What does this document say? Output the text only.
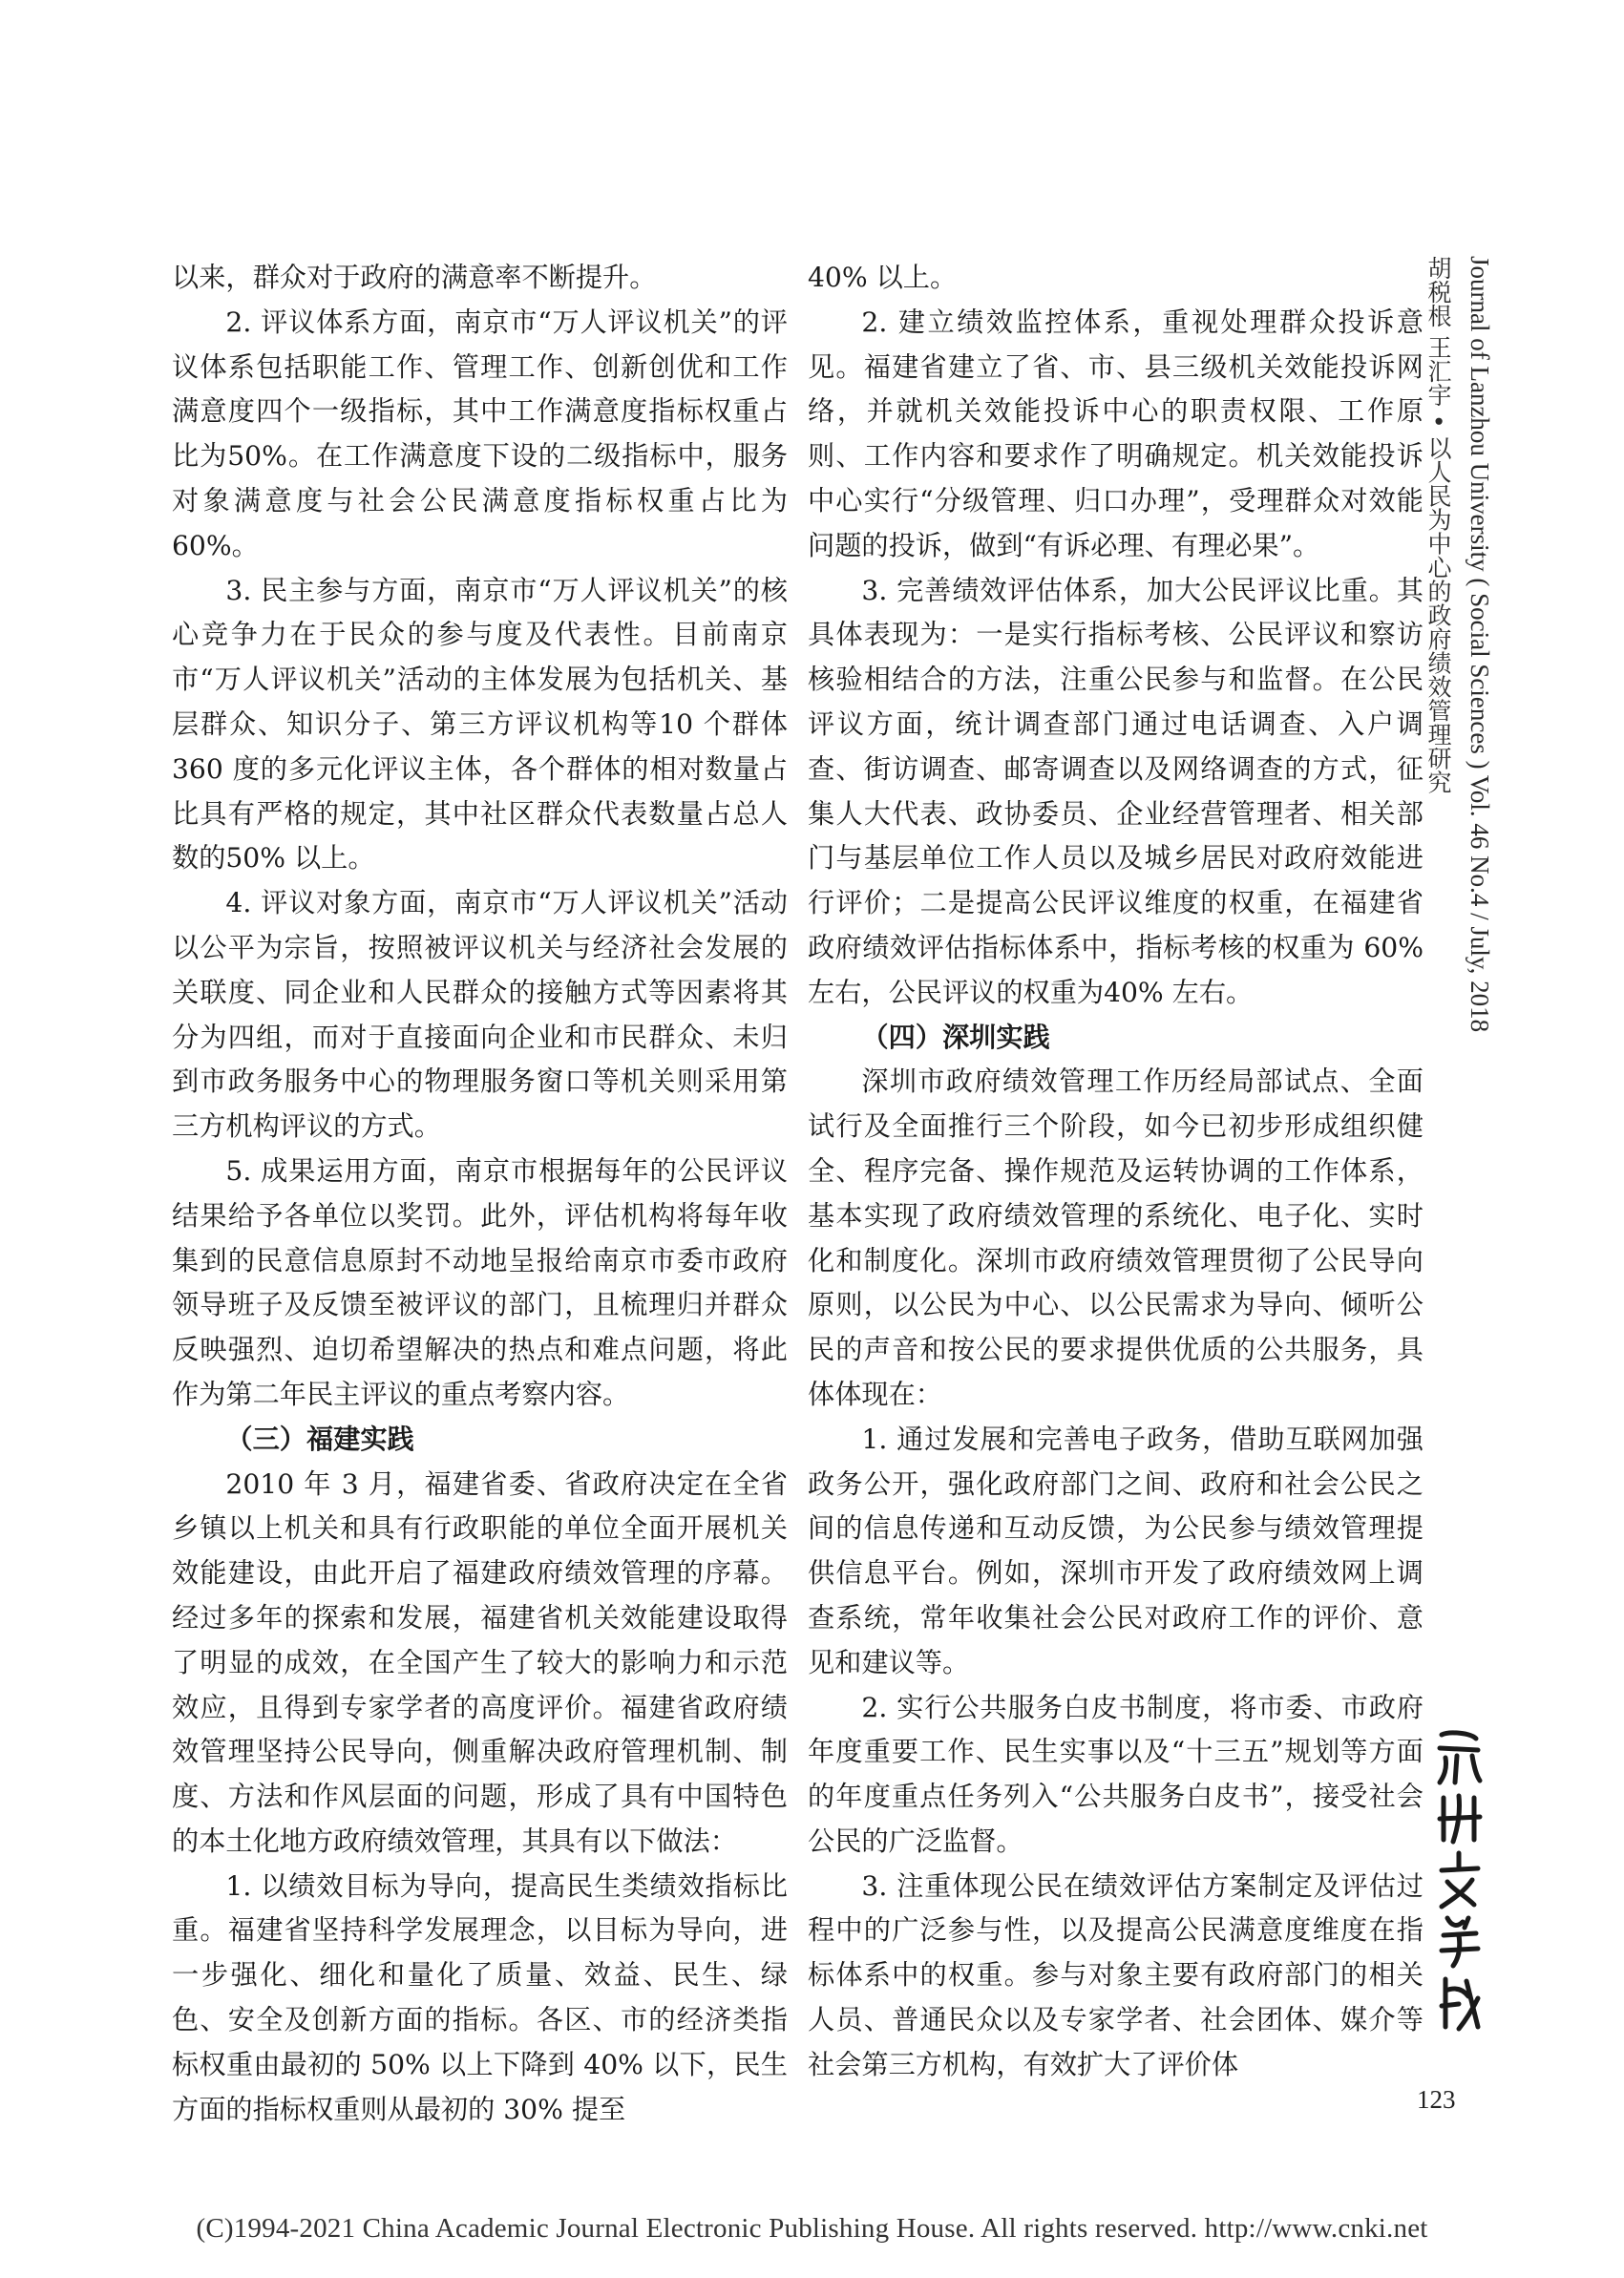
以来，群众对于政府的满意率不断提升。

2. 评议体系方面，南京市“万人评议机关”的评议体系包括职能工作、管理工作、创新创优和工作满意度四个一级指标，其中工作满意度指标权重占比为50%。在工作满意度下设的二级指标中，服务对象满意度与社会公民满意度指标权重占比为 60%。

3. 民主参与方面，南京市“万人评议机关”的核心竞争力在于民众的参与度及代表性。目前南京市“万人评议机关”活动的主体发展为包括机关、基层群众、知识分子、第三方评议机构等10 个群体 360 度的多元化评议主体，各个群体的相对数量占比具有严格的规定，其中社区群众代表数量占总人数的50% 以上。

4. 评议对象方面，南京市“万人评议机关”活动以公平为宗旨，按照被评议机关与经济社会发展的关联度、同企业和人民群众的接触方式等因素将其分为四组，而对于直接面向企业和市民群众、未归到市政务服务中心的物理服务窗口等机关则采用第三方机构评议的方式。

5. 成果运用方面，南京市根据每年的公民评议结果给予各单位以奖罚。此外，评估机构将每年收集到的民意信息原封不动地呈报给南京市委市政府领导班子及反馈至被评议的部门，且梳理归并群众反映强烈、迫切希望解决的热点和难点问题，将此作为第二年民主评议的重点考察内容。

（三）福建实践

2010 年 3 月，福建省委、省政府决定在全省乡镇以上机关和具有行政职能的单位全面开展机关效能建设，由此开启了福建政府绩效管理的序幕。经过多年的探索和发展，福建省机关效能建设取得了明显的成效，在全国产生了较大的影响力和示范效应，且得到专家学者的高度评价。福建省政府绩效管理坚持公民导向，侧重解决政府管理机制、制度、方法和作风层面的问题，形成了具有中国特色的本土化地方政府绩效管理，其具有以下做法：

1. 以绩效目标为导向，提高民生类绩效指标比重。福建省坚持科学发展理念，以目标为导向，进一步强化、细化和量化了质量、效益、民生、绿色、安全及创新方面的指标。各区、市的经济类指标权重由最初的 50% 以上下降到 40% 以下，民生方面的指标权重则从最初的 30% 提至

40% 以上。

2. 建立绩效监控体系，重视处理群众投诉意见。福建省建立了省、市、县三级机关效能投诉网络，并就机关效能投诉中心的职责权限、工作原则、工作内容和要求作了明确规定。机关效能投诉中心实行“分级管理、归口办理”，受理群众对效能问题的投诉，做到“有诉必理、有理必果”。

3. 完善绩效评估体系，加大公民评议比重。其具体表现为：一是实行指标考核、公民评议和察访核验相结合的方法，注重公民参与和监督。在公民评议方面，统计调查部门通过电话调查、入户调查、街访调查、邮寄调查以及网络调查的方式，征集人大代表、政协委员、企业经营管理者、相关部门与基层单位工作人员以及城乡居民对政府效能进行评价；二是提高公民评议维度的权重，在福建省政府绩效评估指标体系中，指标考核的权重为 60% 左右，公民评议的权重为40% 左右。

（四）深圳实践

深圳市政府绩效管理工作历经局部试点、全面试行及全面推行三个阶段，如今已初步形成组织健全、程序完备、操作规范及运转协调的工作体系，基本实现了政府绩效管理的系统化、电子化、实时化和制度化。深圳市政府绩效管理贯彻了公民导向原则，以公民为中心、以公民需求为导向、倾听公民的声音和按公民的要求提供优质的公共服务，具体体现在：

1. 通过发展和完善电子政务，借助互联网加强政务公开，强化政府部门之间、政府和社会公民之间的信息传递和互动反馈，为公民参与绩效管理提供信息平台。例如，深圳市开发了政府绩效网上调查系统，常年收集社会公民对政府工作的评价、意见和建议等。

2. 实行公共服务白皮书制度，将市委、市政府年度重要工作、民生实事以及“十三五”规划等方面的年度重点任务列入“公共服务白皮书”，接受社会公民的广泛监督。

3. 注重体现公民在绩效评估方案制定及评估过程中的广泛参与性，以及提高公民满意度维度在指标体系中的权重。参与对象主要有政府部门的相关人员、普通民众以及专家学者、社会团体、媒介等社会第三方机构，有效扩大了评价体

Journal of Lanzhou University ( Social Sciences ) Vol. 46 No.4 / July, 2018
胡税根 王汇宇 • 以人民为中心的政府绩效管理研究
123
(C)1994-2021 China Academic Journal Electronic Publishing House. All rights reserved. http://www.cnki.net
